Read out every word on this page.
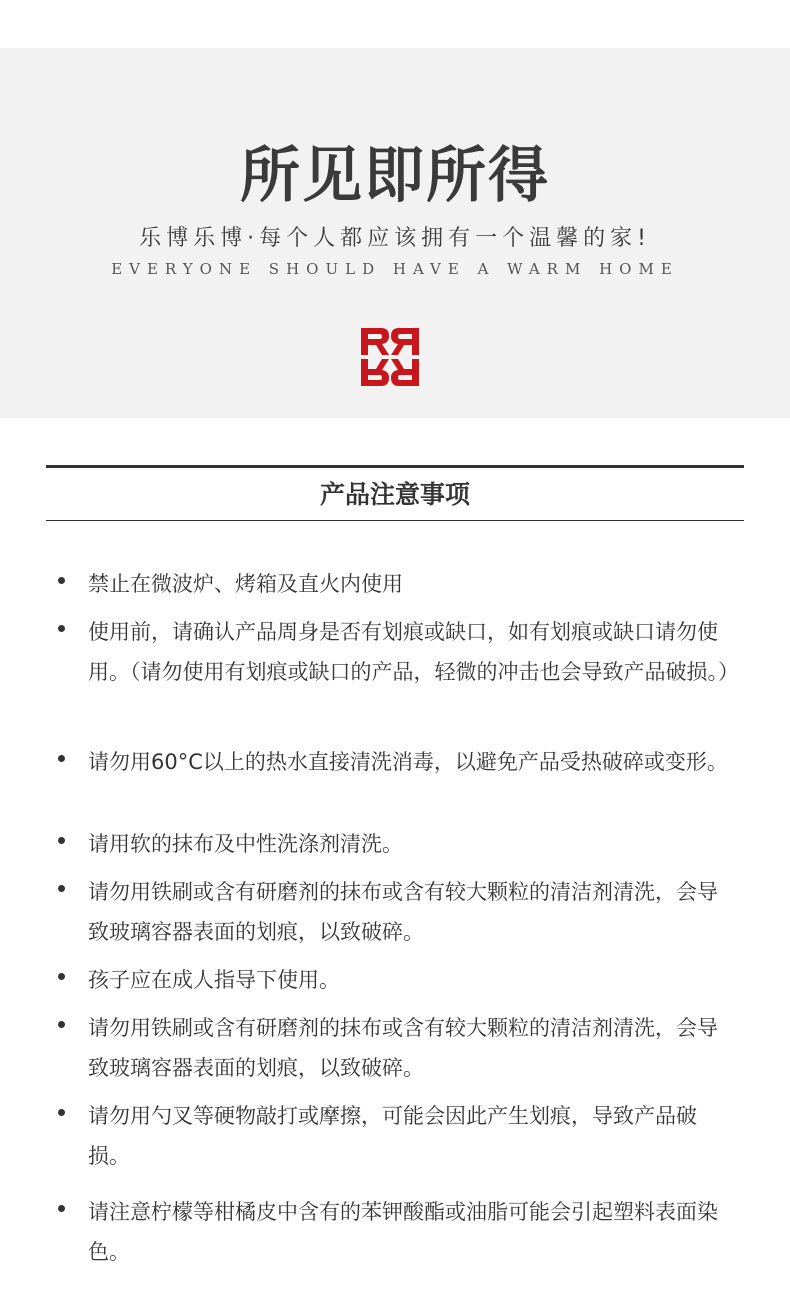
所见即所得
乐博乐博·每个人都应该拥有一个温馨的家!
EVERYONE SHOULD HAVE A WARM HOME
产品注意事项
禁止在微波炉、烤箱及直火内使用
使用前，请确认产品周身是否有划痕或缺口，如有划痕或缺口请勿使用。（请勿使用有划痕或缺口的产品，轻微的冲击也会导致产品破损。）
请勿用60°C以上的热水直接清洗消毒，以避免产品受热破碎或变形。
请用软的抹布及中性洗涤剂清洗。
请勿用铁刷或含有研磨剂的抹布或含有较大颗粒的清洁剂清洗，会导致玻璃容器表面的划痕，以致破碎。
孩子应在成人指导下使用。
请勿用铁刷或含有研磨剂的抹布或含有较大颗粒的清洁剂清洗，会导致玻璃容器表面的划痕，以致破碎。
请勿用勺叉等硬物敲打或摩擦，可能会因此产生划痕，导致产品破损。
请注意柠檬等柑橘皮中含有的苯钾酸酯或油脂可能会引起塑料表面染色。
